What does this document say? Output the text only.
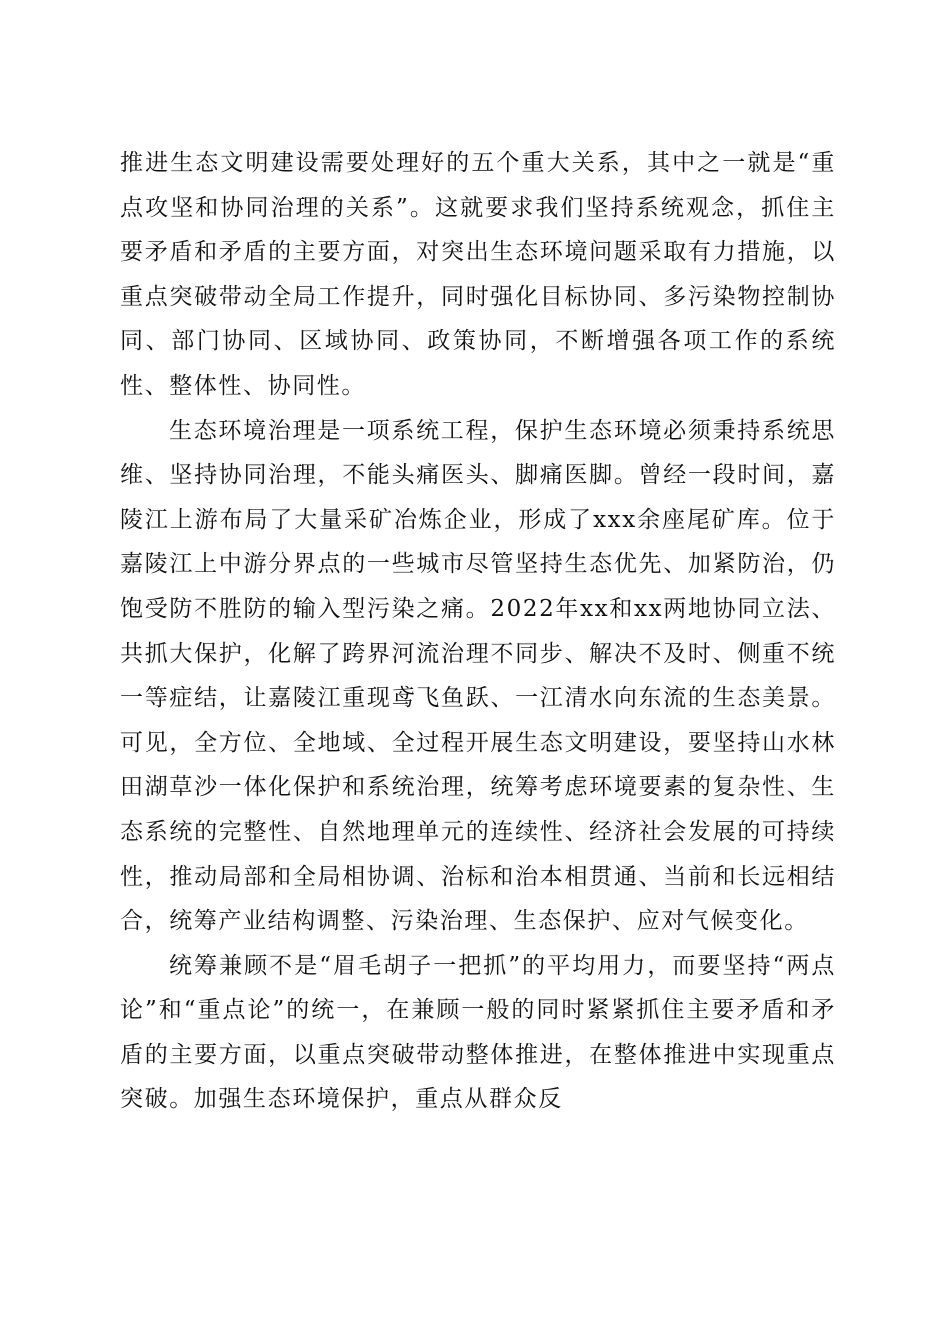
推进生态文明建设需要处理好的五个重大关系，其中之一就是“重点攻坚和协同治理的关系”。这就要求我们坚持系统观念，抓住主要矛盾和矛盾的主要方面，对突出生态环境问题采取有力措施，以重点突破带动全局工作提升，同时强化目标协同、多污染物控制协同、部门协同、区域协同、政策协同，不断增强各项工作的系统性、整体性、协同性。

生态环境治理是一项系统工程，保护生态环境必须秉持系统思维、坚持协同治理，不能头痛医头、脚痛医脚。曾经一段时间，嘉陵江上游布局了大量采矿冶炼企业，形成了xxx余座尾矿库。位于嘉陵江上中游分界点的一些城市尽管坚持生态优先、加紧防治，仍饱受防不胜防的输入型污染之痛。2022年xx和xx两地协同立法、共抓大保护，化解了跨界河流治理不同步、解决不及时、侧重不统一等症结，让嘉陵江重现鸢飞鱼跃、一江清水向东流的生态美景。可见，全方位、全地域、全过程开展生态文明建设，要坚持山水林田湖草沙一体化保护和系统治理，统筹考虑环境要素的复杂性、生态系统的完整性、自然地理单元的连续性、经济社会发展的可持续性，推动局部和全局相协调、治标和治本相贯通、当前和长远相结合，统筹产业结构调整、污染治理、生态保护、应对气候变化。

统筹兼顾不是“眉毛胡子一把抓”的平均用力，而要坚持“两点论”和“重点论”的统一，在兼顾一般的同时紧紧抓住主要矛盾和矛盾的主要方面，以重点突破带动整体推进，在整体推进中实现重点突破。加强生态环境保护，重点从群众反
